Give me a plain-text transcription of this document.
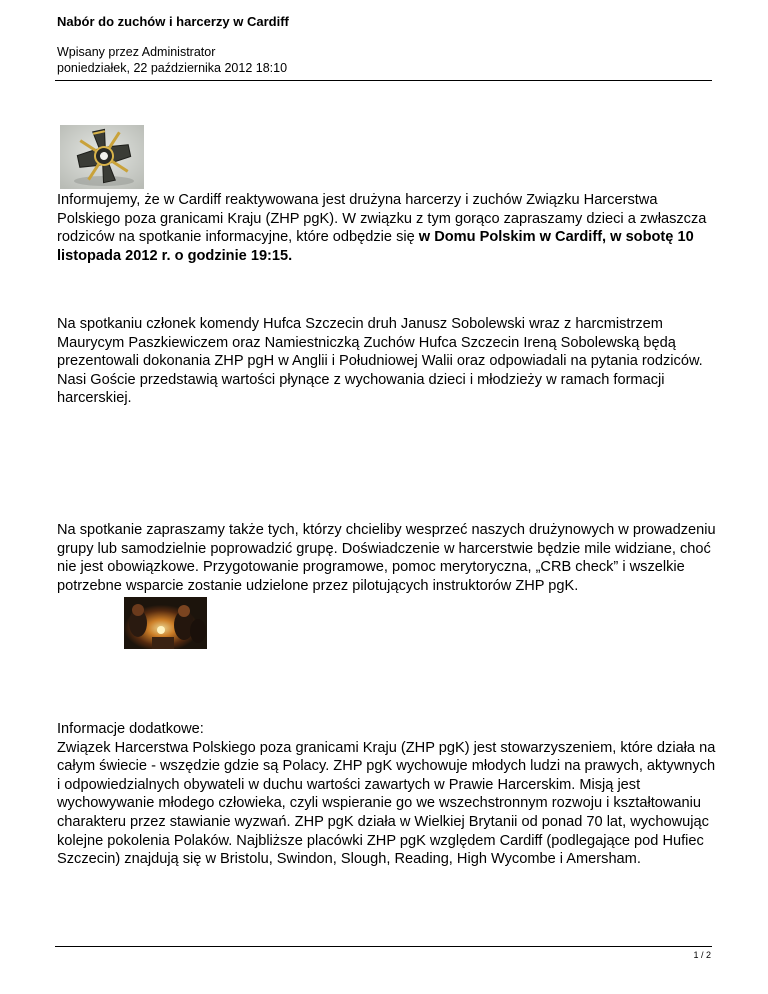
Nabór do zuchów i harcerzy w Cardiff
Wpisany przez Administrator
poniedziałek, 22 października 2012 18:10

Informujemy, że w Cardiff reaktywowana jest drużyna harcerzy i zuchów Związku Harcerstwa Polskiego poza granicami Kraju (ZHP pgK). W związku z tym gorąco zapraszamy dzieci a zwłaszcza rodziców na spotkanie informacyjne, które odbędzie się w Domu Polskim w Cardiff, w sobotę 10 listopada 2012 r. o godzinie 19:15.

Na spotkaniu członek komendy Hufca Szczecin druh Janusz Sobolewski wraz z harcmistrzem Maurycym Paszkiewiczem oraz Namiestniczką Zuchów Hufca Szczecin Ireną Sobolewską będą prezentowali dokonania ZHP pgH w Anglii i Południowej Walii oraz odpowiadali na pytania rodziców. Nasi Goście przedstawią wartości płynące z wychowania dzieci i młodzieży w ramach formacji harcerskiej.

Na spotkanie zapraszamy także tych, którzy chcieliby wesprzeć naszych drużynowych w prowadzeniu grupy lub samodzielnie poprowadzić grupę. Doświadczenie w harcerstwie będzie mile widziane, choć nie jest obowiązkowe. Przygotowanie programowe, pomoc merytoryczna, „CRB check” i wszelkie potrzebne wsparcie zostanie udzielone przez pilotujących instruktorów ZHP pgK.

Informacje dodatkowe:
Związek Harcerstwa Polskiego poza granicami Kraju (ZHP pgK) jest stowarzyszeniem, które działa na całym świecie - wszędzie gdzie są Polacy. ZHP pgK wychowuje młodych ludzi na prawych, aktywnych i odpowiedzialnych obywateli w duchu wartości zawartych w Prawie Harcerskim. Misją jest wychowywanie młodego człowieka, czyli wspieranie go we wszechstronnym rozwoju i kształtowaniu charakteru przez stawianie wyzwań. ZHP pgK działa w Wielkiej Brytanii od ponad 70 lat, wychowując kolejne pokolenia Polaków. Najbliższe placówki ZHP pgK względem Cardiff (podlegające pod Hufiec Szczecin) znajdują się w Bristolu, Swindon, Slough, Reading, High Wycombe i Amersham.

1 / 2
